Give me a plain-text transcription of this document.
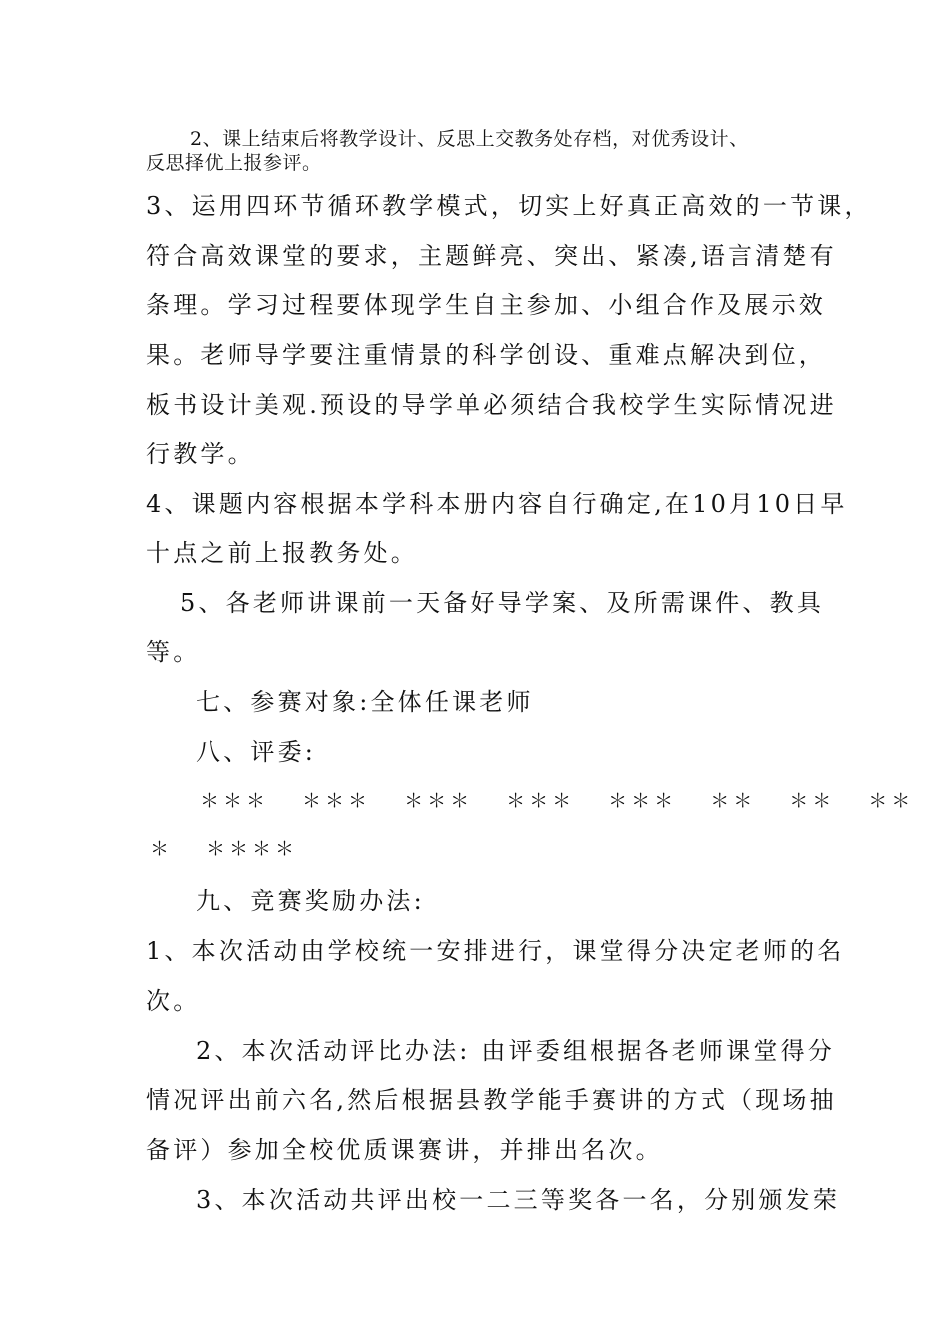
2、课上结束后将教学设计、反思上交教务处存档，对优秀设计、

反思择优上报参评。

3、运用四环节循环教学模式，切实上好真正高效的一节课，

符合高效课堂的要求，主题鲜亮、突出、紧凑,语言清楚有

条理。学习过程要体现学生自主参加、小组合作及展示效

果。老师导学要注重情景的科学创设、重难点解决到位，

板书设计美观.预设的导学单必须结合我校学生实际情况进

行教学。

4、课题内容根据本学科本册内容自行确定,在10月10日早

十点之前上报教务处。

5、各老师讲课前一天备好导学案、及所需课件、教具

等。

七、参赛对象:全体任课老师

八、评委:

＊＊＊　 ＊＊＊　 ＊＊＊　 ＊＊＊　 ＊＊＊　 ＊＊　 ＊＊　 ＊＊

＊　 ＊＊＊＊

九、竞赛奖励办法:

1、本次活动由学校统一安排进行，课堂得分决定老师的名

次。

2、本次活动评比办法: 由评委组根据各老师课堂得分

情况评出前六名,然后根据县教学能手赛讲的方式（现场抽

备评）参加全校优质课赛讲，并排出名次。

3、本次活动共评出校一二三等奖各一名，分别颁发荣
